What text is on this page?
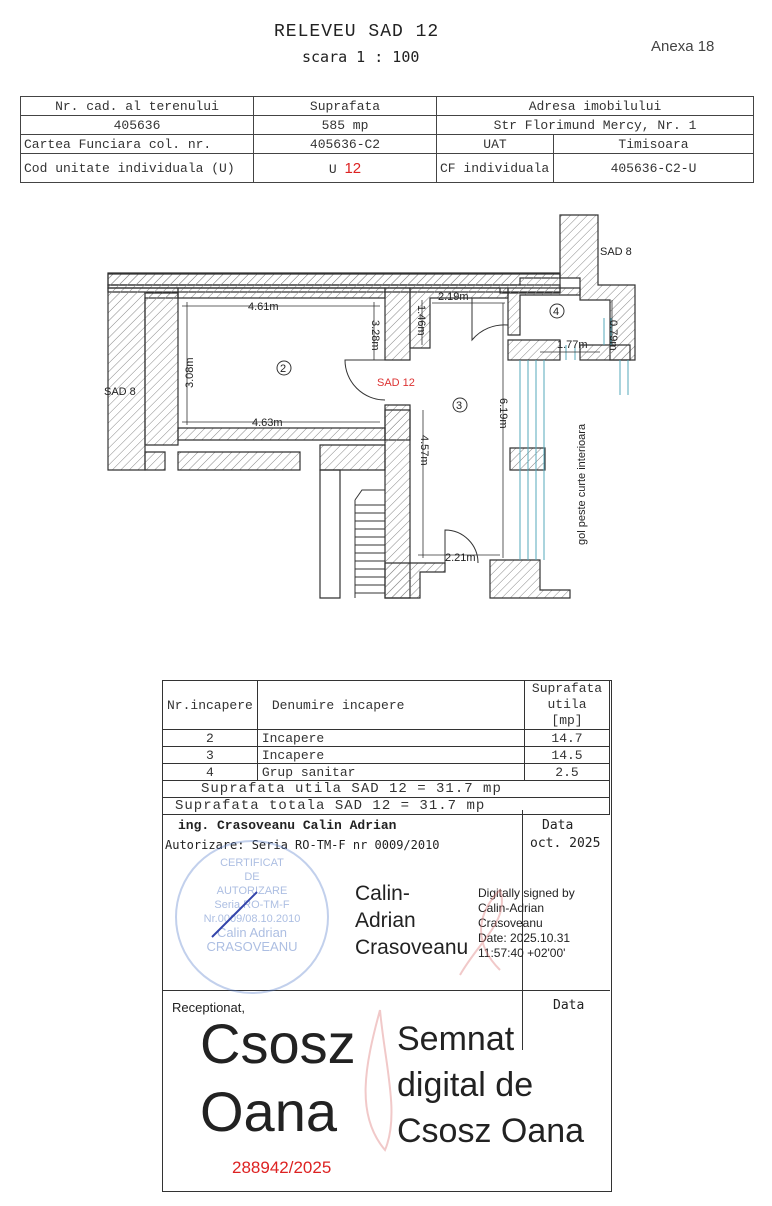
RELEVEU SAD 12
scara 1 : 100
Anexa 18
Nr. cad. al terenului	Suprafata	Adresa imobilului	
405636	585 mp	Str Florimund Mercy, Nr. 1	
Cartea Funciara col. nr.	405636-C2	UAT	Timisoara
Cod unitate individuala (U)	U 12	CF individuala	405636-C2-U
SAD 8
SAD 8
SAD 12
2
3
4
4.61m
4.63m
3.08m
3.28m	1.46m
2.19m
1.77m 0.79m
6.19m
4.57m
2.21m
gol peste curte interioara
Nr.incapere	Denumire incapere	Suprafata
utila [mp]
2	Incapere	14.7
3	Incapere	14.5
4	Grup sanitar	2.5
Suprafata utila SAD 12 = 31.7 mp		
Suprafata totala SAD 12 = 31.7 mp		
ing. Crasoveanu Calin Adrian
Autorizare: Seria RO-TM-F nr 0009/2010
Data
oct. 2025
CERTIFICAT
DE
AUTORIZARE
Seria RO-TM-F
Nr.0009/08.10.2010
Calin Adrian
CRASOVEANU
Calin-
Adrian
Crasoveanu
Digitally signed by
Calin-Adrian
Crasoveanu
Date: 2025.10.31
11:57:40 +02'00'
Receptionat,	Data
Csosz
Oana
Semnat
digital de
Csosz Oana
288942/2025
